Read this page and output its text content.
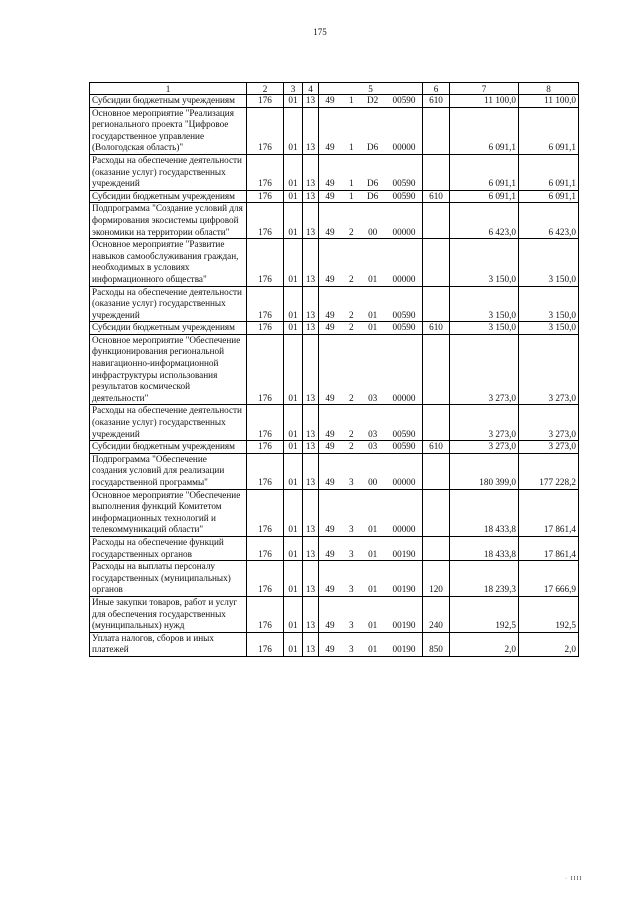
175
1	2	3	4	5	6	7	8
Субсидии бюджетным учреждениям	176	01	13	49 1 D2 00590	610	11 100,0	11 100,0
Основное мероприятие "Реализация регионального проекта "Цифровое государственное управление (Вологодская область)"	176	01	13	49 1 D6 00000		6 091,1	6 091,1
Расходы на обеспечение деятельности (оказание услуг) государственных учреждений	176	01	13	49 1 D6 00590		6 091,1	6 091,1
Субсидии бюджетным учреждениям	176	01	13	49 1 D6 00590	610	6 091,1	6 091,1
Подпрограмма "Создание условий для формирования экосистемы цифровой экономики на территории области"	176	01	13	49 2 00 00000		6 423,0	6 423,0
Основное мероприятие "Развитие навыков самообслуживания граждан, необходимых в условиях информационного общества"	176	01	13	49 2 01 00000		3 150,0	3 150,0
Расходы на обеспечение деятельности (оказание услуг) государственных учреждений	176	01	13	49 2 01 00590		3 150,0	3 150,0
Субсидии бюджетным учреждениям	176	01	13	49 2 01 00590	610	3 150,0	3 150,0
Основное мероприятие "Обеспечение функционирования региональной навигационно-информационной инфраструктуры использования результатов космической деятельности"	176	01	13	49 2 03 00000		3 273,0	3 273,0
Расходы на обеспечение деятельности (оказание услуг) государственных учреждений	176	01	13	49 2 03 00590		3 273,0	3 273,0
Субсидии бюджетным учреждениям	176	01	13	49 2 03 00590	610	3 273,0	3 273,0
Подпрограмма "Обеспечение создания условий для реализации государственной программы"	176	01	13	49 3 00 00000		180 399,0	177 228,2
Основное мероприятие "Обеспечение выполнения функций Комитетом информационных технологий и телекоммуникаций области"	176	01	13	49 3 01 00000		18 433,8	17 861,4
Расходы на обеспечение функций государственных органов	176	01	13	49 3 01 00190		18 433,8	17 861,4
Расходы на выплаты персоналу государственных (муниципальных) органов	176	01	13	49 3 01 00190	120	18 239,3	17 666,9
Иные закупки товаров, работ и услуг для обеспечения государственных (муниципальных) нужд	176	01	13	49 3 01 00190	240	192,5	192,5
Уплата налогов, сборов и иных платежей	176	01	13	49 3 01 00190	850	2,0	2,0
· IIII
